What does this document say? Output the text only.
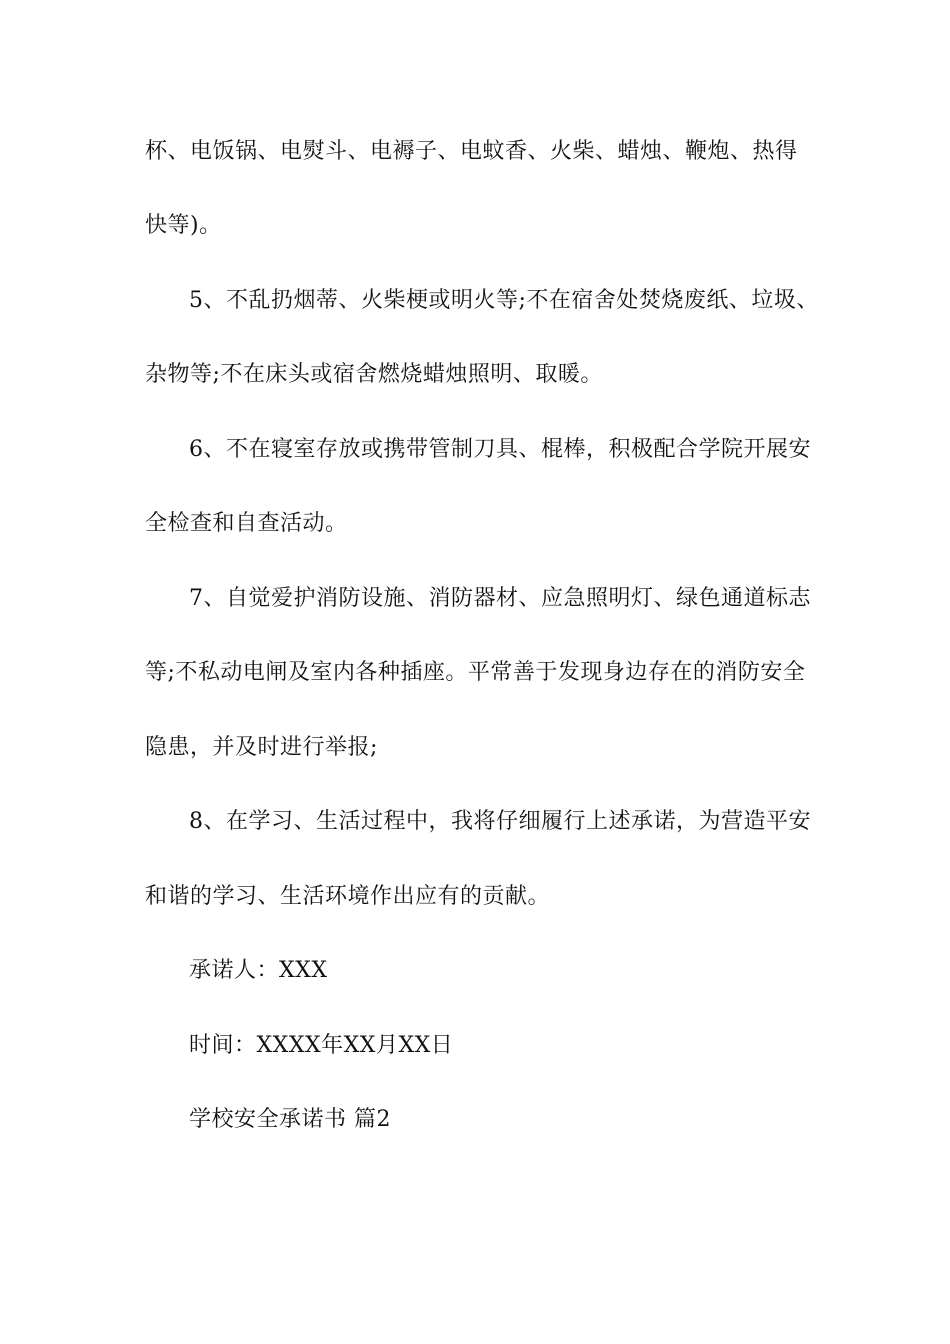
杯、电饭锅、电熨斗、电褥子、电蚊香、火柴、蜡烛、鞭炮、热得
快等)。
5、不乱扔烟蒂、火柴梗或明火等;不在宿舍处焚烧废纸、垃圾、
杂物等;不在床头或宿舍燃烧蜡烛照明、取暖。
6、不在寝室存放或携带管制刀具、棍棒，积极配合学院开展安
全检查和自查活动。
7、自觉爱护消防设施、消防器材、应急照明灯、绿色通道标志
等;不私动电闸及室内各种插座。平常善于发现身边存在的消防安全
隐患，并及时进行举报;
8、在学习、生活过程中，我将仔细履行上述承诺，为营造平安
和谐的学习、生活环境作出应有的贡献。
承诺人：XXX
时间：XXXX年XX月XX日
学校安全承诺书 篇2
